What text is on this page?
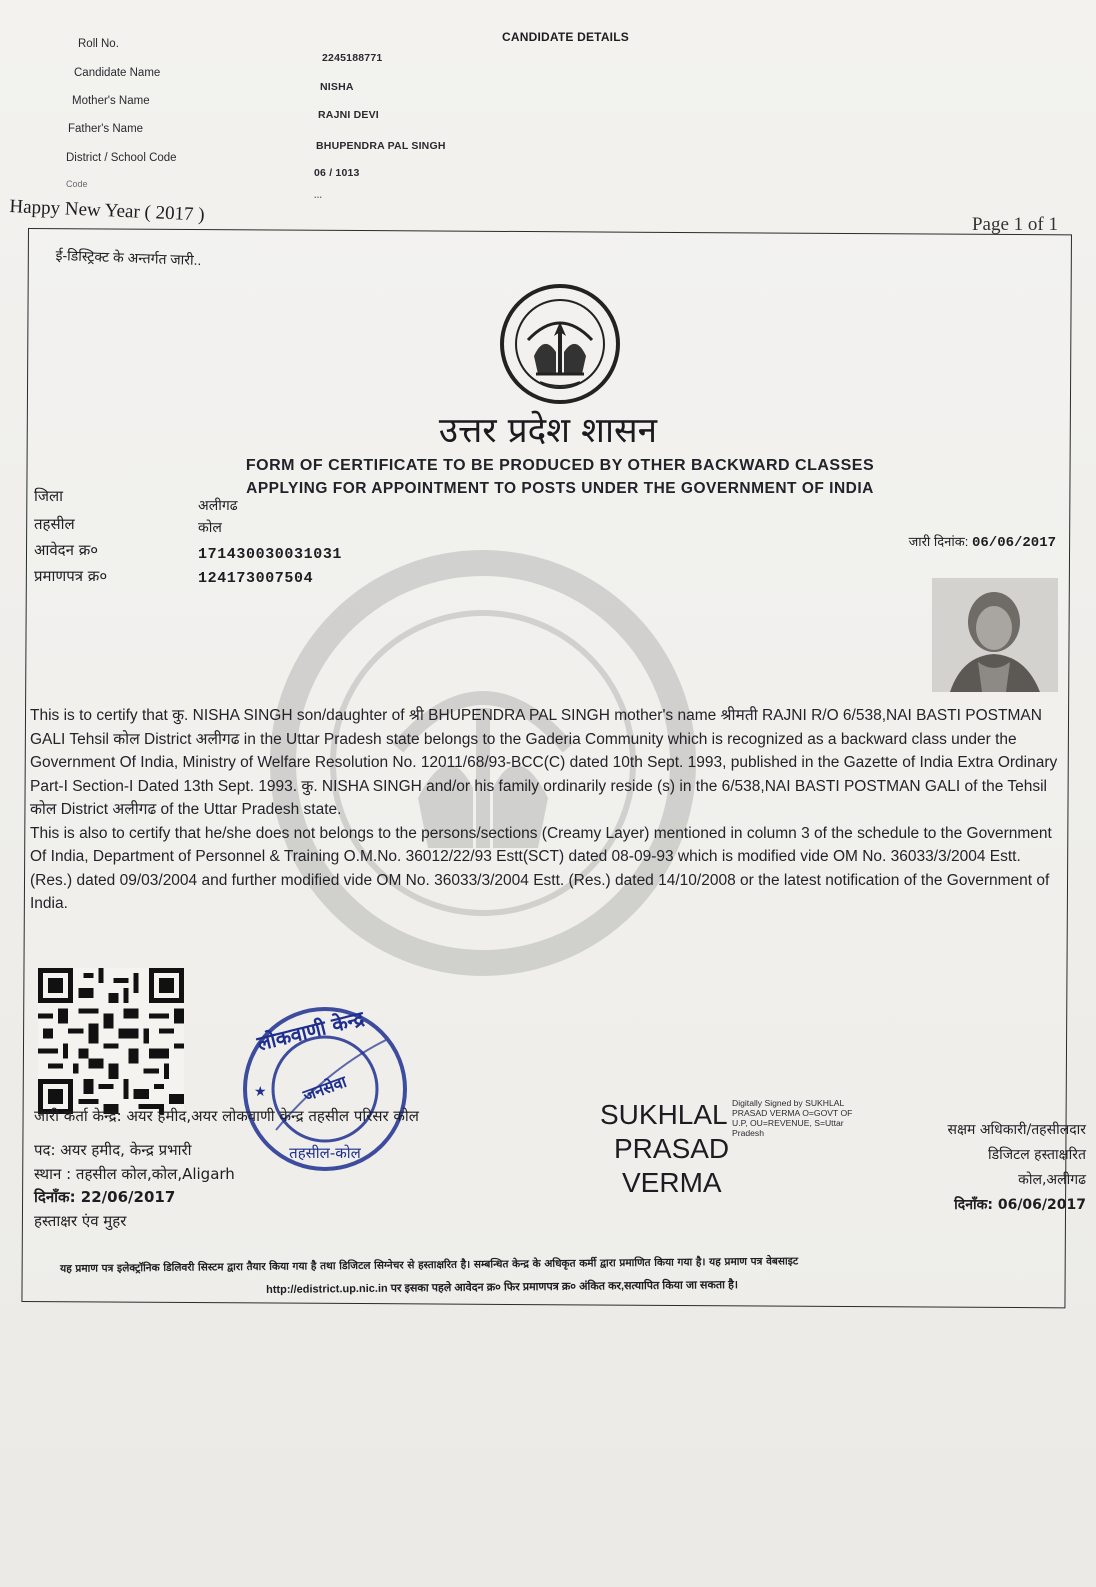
CANDIDATE DETAILS
Roll No.
2245188771
Candidate Name
NISHA
Mother's Name
RAJNI DEVI
Father's Name
BHUPENDRA PAL SINGH
District / School Code
06 / 1013
Code
...
Happy New Year ( 2017 )	Page 1 of 1
ई-डिस्ट्रिक्ट के अन्तर्गत जारी..
उत्तर प्रदेश शासन
FORM OF CERTIFICATE TO BE PRODUCED BY OTHER BACKWARD CLASSES
APPLYING FOR APPOINTMENT TO POSTS UNDER THE GOVERNMENT OF INDIA
जिला
अलीगढ
तहसील	कोल
आवेदन क्र०	171430030031031
प्रमाणपत्र क्र०	124173007504
जारी दिनांक: 06/06/2017

This is to certify that कु. NISHA SINGH son/daughter of श्री BHUPENDRA PAL SINGH mother's name श्रीमती RAJNI R/O 6/538,NAI BASTI POSTMAN GALI Tehsil कोल District अलीगढ in the Uttar Pradesh state belongs to the Gaderia Community which is recognized as a backward class under the Government Of India, Ministry of Welfare Resolution No. 12011/68/93-BCC(C) dated 10th Sept. 1993, published in the Gazette of India Extra Ordinary Part-I Section-I Dated 13th Sept. 1993. कु. NISHA SINGH and/or his family ordinarily reside (s) in the 6/538,NAI BASTI POSTMAN GALI of the Tehsil कोल District अलीगढ of the Uttar Pradesh state.

This is also to certify that he/she does not belongs to the persons/sections (Creamy Layer) mentioned in column 3 of the schedule to the Government Of India, Department of Personnel & Training O.M.No. 36012/22/93 Estt(SCT) dated 08-09-93 which is modified vide OM No. 36033/3/2004 Estt.(Res.) dated 09/03/2004 and further modified vide OM No. 36033/3/2004 Estt. (Res.) dated 14/10/2008 or the latest notification of the Government of India.

लोकवाणी केन्द्र
जनसेवा
तहसील-कोल
★
जारी कर्ता केन्द्र: अयर हमीद,अयर लोकवाणी केन्द्र तहसील परिसर कोल
पद: अयर हमीद, केन्द्र प्रभारी
स्थान : तहसील कोल,कोल,Aligarh
दिनाँक: 22/06/2017
हस्ताक्षर एंव मुहर
SUKHLAL
PRASAD
VERMA
Digitally Signed by SUKHLAL
PRASAD VERMA O=GOVT OF
U.P, OU=REVENUE, S=Uttar
Pradesh	सक्षम अधिकारी/तहसीलदार
डिजिटल हस्ताक्षरित
कोल,अलीगढ
दिनाँक: 06/06/2017
यह प्रमाण पत्र इलेक्ट्रॉनिक डिलिवरी सिस्टम द्वारा तैयार किया गया है तथा डिजिटल सिग्नेचर से हस्ताक्षरित है। सम्बन्धित केन्द्र के अधिकृत कर्मी द्वारा प्रमाणित किया गया है। यह प्रमाण पत्र वेबसाइट
http://edistrict.up.nic.in पर इसका पहले आवेदन क्र० फिर प्रमाणपत्र क्र० अंकित कर,सत्यापित किया जा सकता है।
